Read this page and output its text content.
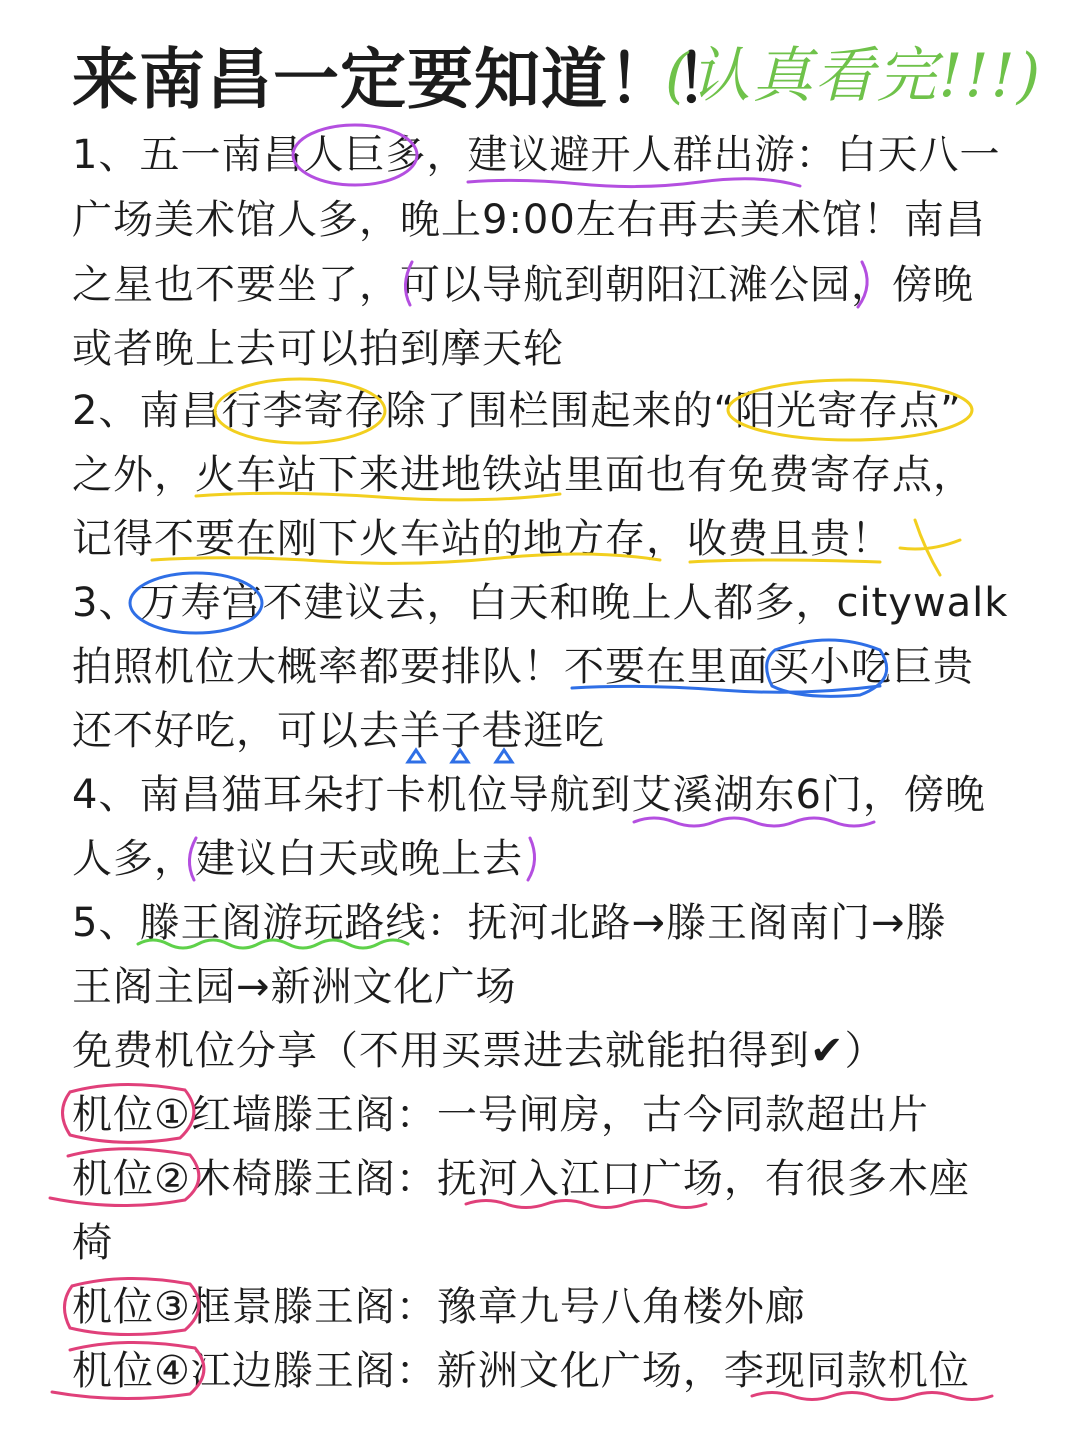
来南昌一定要知道！！
(认真看完!!!)
1、五一南昌人巨多，建议避开人群出游：白天八一
广场美术馆人多，晚上9:00左右再去美术馆！南昌
之星也不要坐了，可以导航到朝阳江滩公园，傍晚
或者晚上去可以拍到摩天轮
2、南昌行李寄存除了围栏围起来的“阳光寄存点”
之外，火车站下来进地铁站里面也有免费寄存点，
记得不要在刚下火车站的地方存，收费且贵！
3、万寿宫不建议去，白天和晚上人都多，citywalk
拍照机位大概率都要排队！不要在里面买小吃巨贵
还不好吃，可以去羊子巷逛吃
4、南昌猫耳朵打卡机位导航到艾溪湖东6门，傍晚
人多，建议白天或晚上去
5、滕王阁游玩路线：抚河北路→滕王阁南门→滕
王阁主园→新洲文化广场
免费机位分享（不用买票进去就能拍得到✔）
机位①红墙滕王阁：一号闸房，古今同款超出片
机位②木椅滕王阁：抚河入江口广场，有很多木座
椅
机位③框景滕王阁：豫章九号八角楼外廊
机位④江边滕王阁：新洲文化广场，李现同款机位
